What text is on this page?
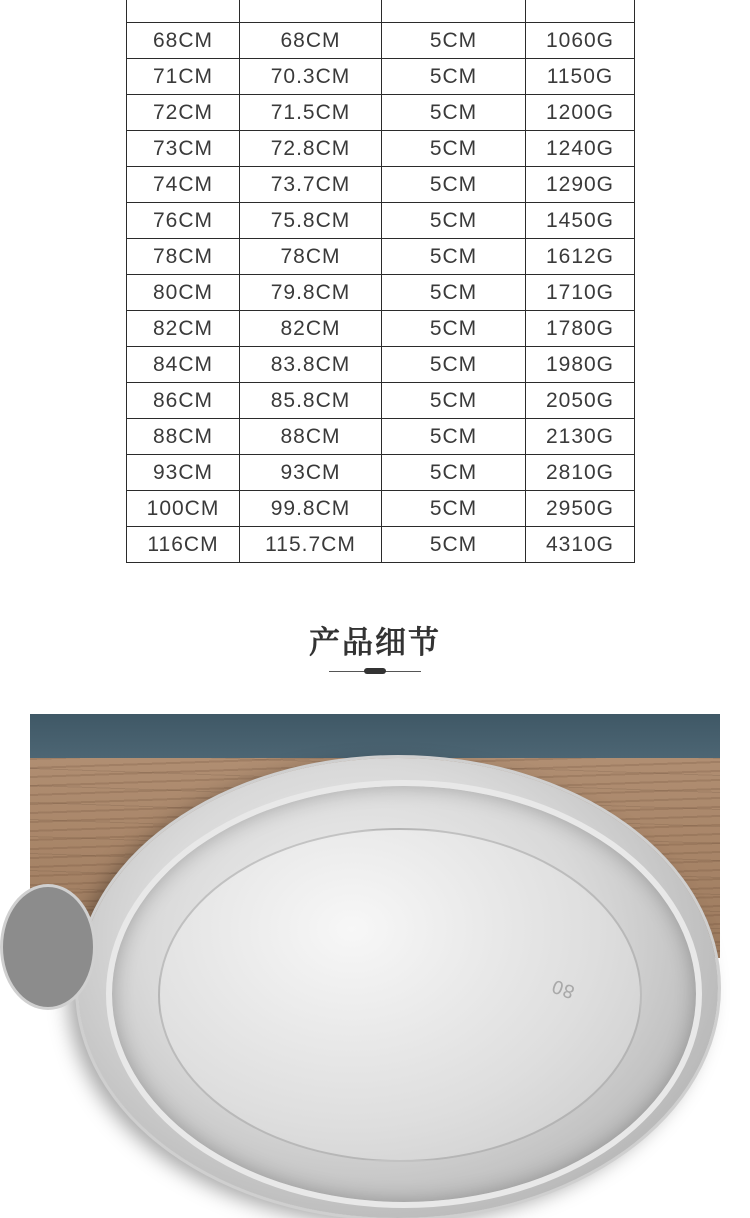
68CM	68CM	5CM	1060G
71CM	70.3CM	5CM	1150G
72CM	71.5CM	5CM	1200G
73CM	72.8CM	5CM	1240G
74CM	73.7CM	5CM	1290G
76CM	75.8CM	5CM	1450G
78CM	78CM	5CM	1612G
80CM	79.8CM	5CM	1710G
82CM	82CM	5CM	1780G
84CM	83.8CM	5CM	1980G
86CM	85.8CM	5CM	2050G
88CM	88CM	5CM	2130G
93CM	93CM	5CM	2810G
100CM	99.8CM	5CM	2950G
116CM	115.7CM	5CM	4310G
产品细节
80
